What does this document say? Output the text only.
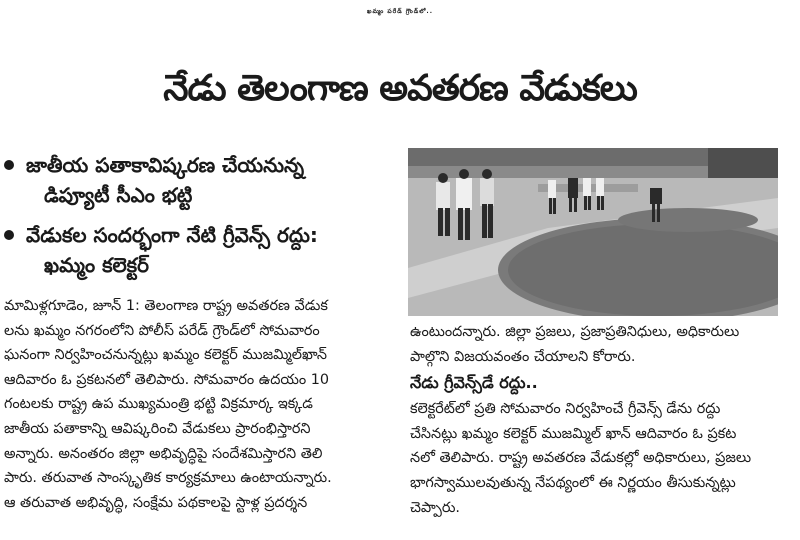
ఖమ్మం పరేడ్ గ్రౌండ్‌లో..
నేడు తెలంగాణ అవతరణ వేడుకలు
జాతీయ పతాకావిష్కరణ చేయనున్న
డిప్యూటీ సీఎం భట్టి
వేడుకల సందర్భంగా నేటి గ్రీవెన్స్ రద్దు:
ఖమ్మం కలెక్టర్

మామిళ్లగూడెం, జూన్ 1: తెలంగాణ రాష్ట్ర అవతరణ వేడుక

లను ఖమ్మం నగరంలోని పోలీస్ పరేడ్ గ్రౌండ్‌లో సోమవారం

ఘనంగా నిర్వహించనున్నట్లు ఖమ్మం కలెక్టర్ ముజమ్మిల్‌ఖాన్

ఆదివారం ఓ ప్రకటనలో తెలిపారు. సోమవారం ఉదయం 10

గంటలకు రాష్ట్ర ఉప ముఖ్యమంత్రి భట్టి విక్రమార్క ఇక్కడ

జాతీయ పతాకాన్ని ఆవిష్కరించి వేడుకలు ప్రారంభిస్తారని

అన్నారు. అనంతరం జిల్లా అభివృద్ధిపై సందేశమిస్తారని తెలి

పారు. తరువాత సాంస్కృతిక కార్యక్రమాలు ఉంటాయన్నారు.

ఆ తరువాత అభివృద్ధి, సంక్షేమ పథకాలపై స్టాళ్ల ప్రదర్శన

ఉంటుందన్నారు. జిల్లా ప్రజలు, ప్రజాప్రతినిధులు, అధికారులు

పాల్గొని విజయవంతం చేయాలని కోరారు.

నేడు గ్రీవెన్స్‌డే రద్దు..

కలెక్టరేట్‌లో ప్రతి సోమవారం నిర్వహించే గ్రీవెన్స్ డేను రద్దు

చేసినట్లు ఖమ్మం కలెక్టర్ ముజమ్మిల్ ఖాన్ ఆదివారం ఓ ప్రకట

నలో తెలిపారు. రాష్ట్ర అవతరణ వేడుకల్లో అధికారులు, ప్రజలు

భాగస్వాములవుతున్న నేపథ్యంలో ఈ నిర్ణయం తీసుకున్నట్లు

చెప్పారు.
